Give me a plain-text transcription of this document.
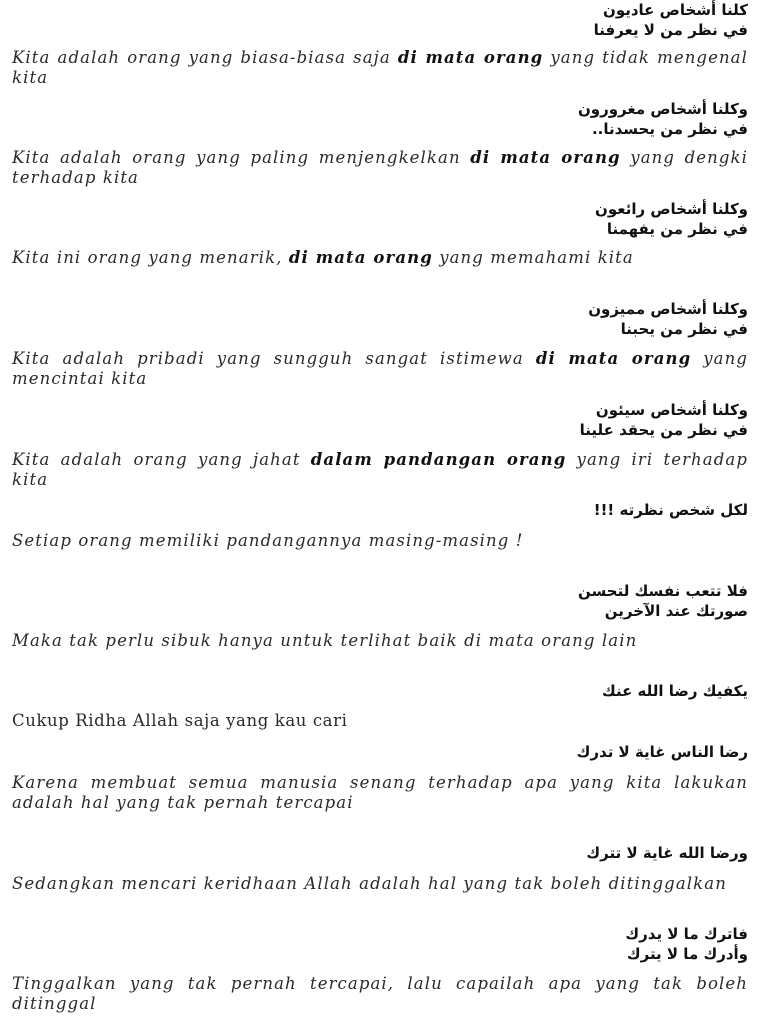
كلنا أشخاص عاديون
في نظر من لا يعرفنا

Kita adalah orang yang biasa-biasa saja di mata orang yang tidak mengenal kita

وكلنا أشخاص مغرورون
في نظر من يحسدنا..

Kita adalah orang yang paling menjengkelkan di mata orang yang dengki terhadap kita

وكلنا أشخاص رائعون
في نظر من يفهمنا

Kita ini orang yang menarik, di mata orang yang memahami kita

وكلنا أشخاص مميزون
في نظر من يحبنا

Kita adalah pribadi yang sungguh sangat istimewa di mata orang yang mencintai kita

وكلنا أشخاص سيئون
في نظر من يحقد علينا

Kita adalah orang yang jahat dalam pandangan orang yang iri terhadap kita

لكل شخص نظرته !!!

Setiap orang memiliki pandangannya masing-masing !

فلا تتعب نفسك لتحسن
صورتك عند الآخرين

Maka tak perlu sibuk hanya untuk terlihat baik di mata orang lain

يكفيك رضا الله عنك

Cukup Ridha Allah saja yang kau cari

رضا الناس غاية لا تدرك

Karena membuat semua manusia senang terhadap apa yang kita lakukan adalah hal yang tak pernah tercapai

ورضا الله غاية لا تترك

Sedangkan mencari keridhaan Allah adalah hal yang tak boleh ditinggalkan

فاترك ما لا يدرك
وأدرك ما لا يترك

Tinggalkan yang tak pernah tercapai, lalu capailah apa yang tak boleh ditinggal
